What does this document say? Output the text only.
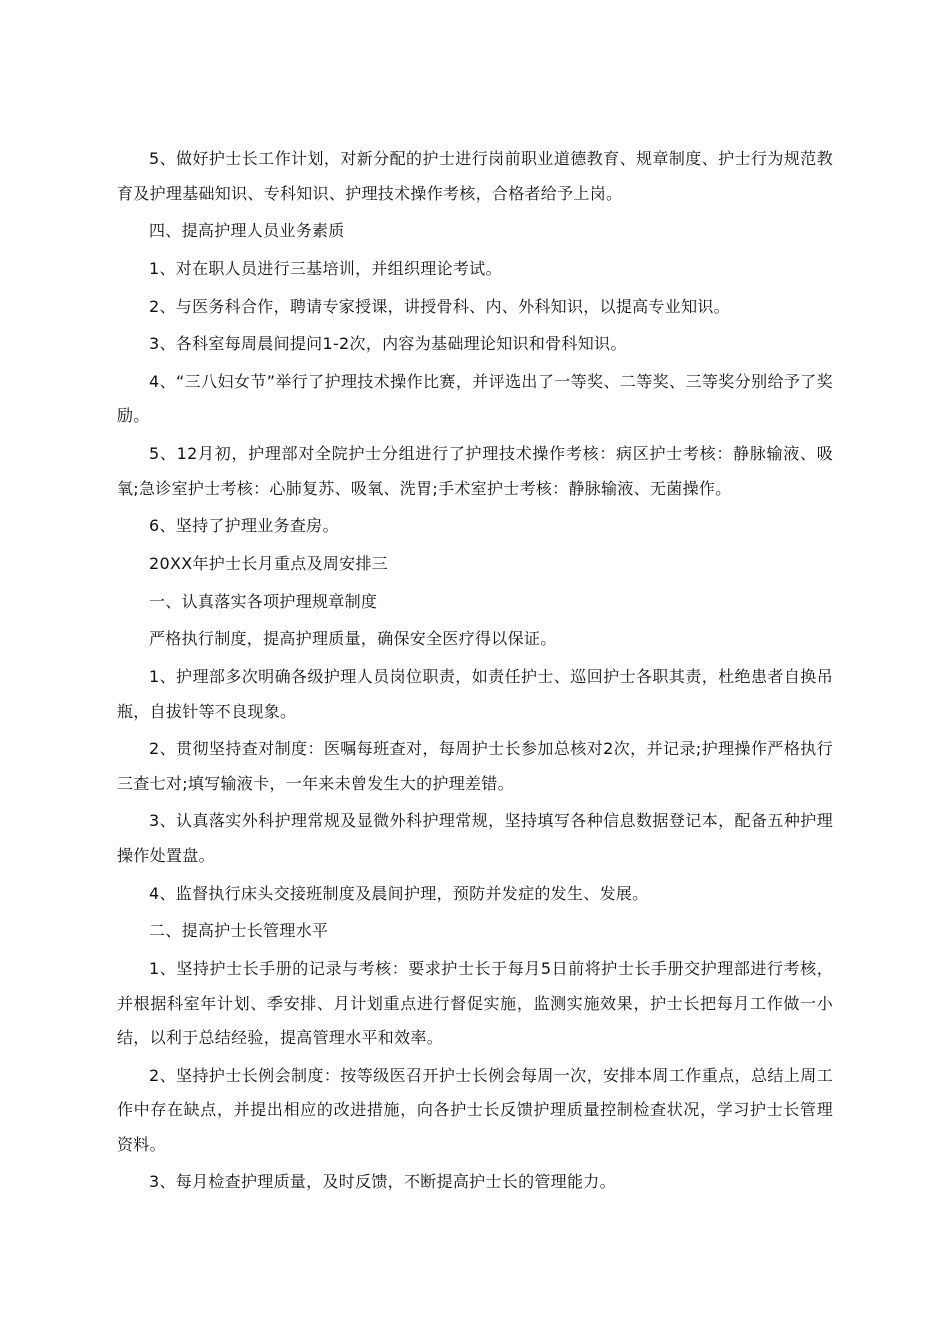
5、做好护士长工作计划，对新分配的护士进行岗前职业道德教育、规章制度、护士行为规范教育及护理基础知识、专科知识、护理技术操作考核，合格者给予上岗。

四、提高护理人员业务素质

1、对在职人员进行三基培训，并组织理论考试。

2、与医务科合作，聘请专家授课，讲授骨科、内、外科知识，以提高专业知识。

3、各科室每周晨间提问1-2次，内容为基础理论知识和骨科知识。

4、“三八妇女节”举行了护理技术操作比赛，并评选出了一等奖、二等奖、三等奖分别给予了奖励。

5、12月初，护理部对全院护士分组进行了护理技术操作考核：病区护士考核：静脉输液、吸氧;急诊室护士考核：心肺复苏、吸氧、洗胃;手术室护士考核：静脉输液、无菌操作。

6、坚持了护理业务查房。

20XX年护士长月重点及周安排三

一、认真落实各项护理规章制度

严格执行制度，提高护理质量，确保安全医疗得以保证。

1、护理部多次明确各级护理人员岗位职责，如责任护士、巡回护士各职其责，杜绝患者自换吊瓶，自拔针等不良现象。

2、贯彻坚持查对制度：医嘱每班查对，每周护士长参加总核对2次，并记录;护理操作严格执行三查七对;填写输液卡，一年来未曾发生大的护理差错。

3、认真落实外科护理常规及显微外科护理常规，坚持填写各种信息数据登记本，配备五种护理操作处置盘。

4、监督执行床头交接班制度及晨间护理，预防并发症的发生、发展。

二、提高护士长管理水平

1、坚持护士长手册的记录与考核：要求护士长于每月5日前将护士长手册交护理部进行考核，并根据科室年计划、季安排、月计划重点进行督促实施，监测实施效果，护士长把每月工作做一小结，以利于总结经验，提高管理水平和效率。

2、坚持护士长例会制度：按等级医召开护士长例会每周一次，安排本周工作重点，总结上周工作中存在缺点，并提出相应的改进措施，向各护士长反馈护理质量控制检查状况，学习护士长管理资料。

3、每月检查护理质量，及时反馈，不断提高护士长的管理能力。
